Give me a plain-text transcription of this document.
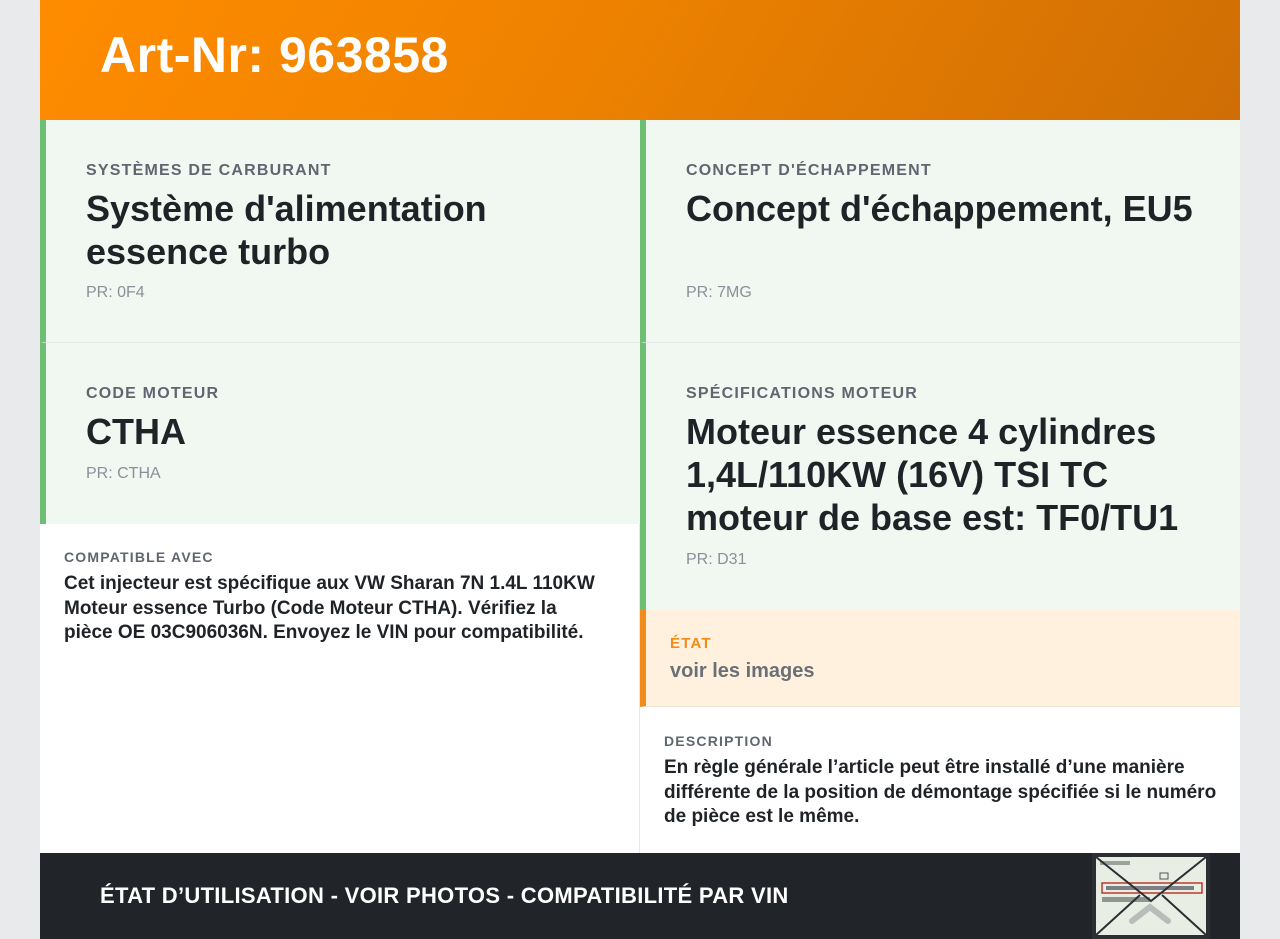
Art-Nr: 963858
SYSTÈMES DE CARBURANT

Système d'alimentation essence turbo

PR: 0F4
CONCEPT D'ÉCHAPPEMENT

Concept d'échappement, EU5

PR: 7MG
CODE MOTEUR

CTHA

PR: CTHA
SPÉCIFICATIONS MOTEUR

Moteur essence 4 cylindres 1,4L/110KW (16V) TSI TC moteur de base est: TF0/TU1

PR: D31
COMPATIBLE AVEC

Cet injecteur est spécifique aux VW Sharan 7N 1.4L 110KW Moteur essence Turbo (Code Moteur CTHA). Vérifiez la pièce OE 03C906036N. Envoyez le VIN pour compatibilité.

ÉTAT
voir les images
DESCRIPTION

En règle générale l’article peut être installé d’une manière différente de la position de démontage spécifiée si le numéro de pièce est le même.

ÉTAT D’UTILISATION - VOIR PHOTOS - COMPATIBILITÉ PAR VIN
